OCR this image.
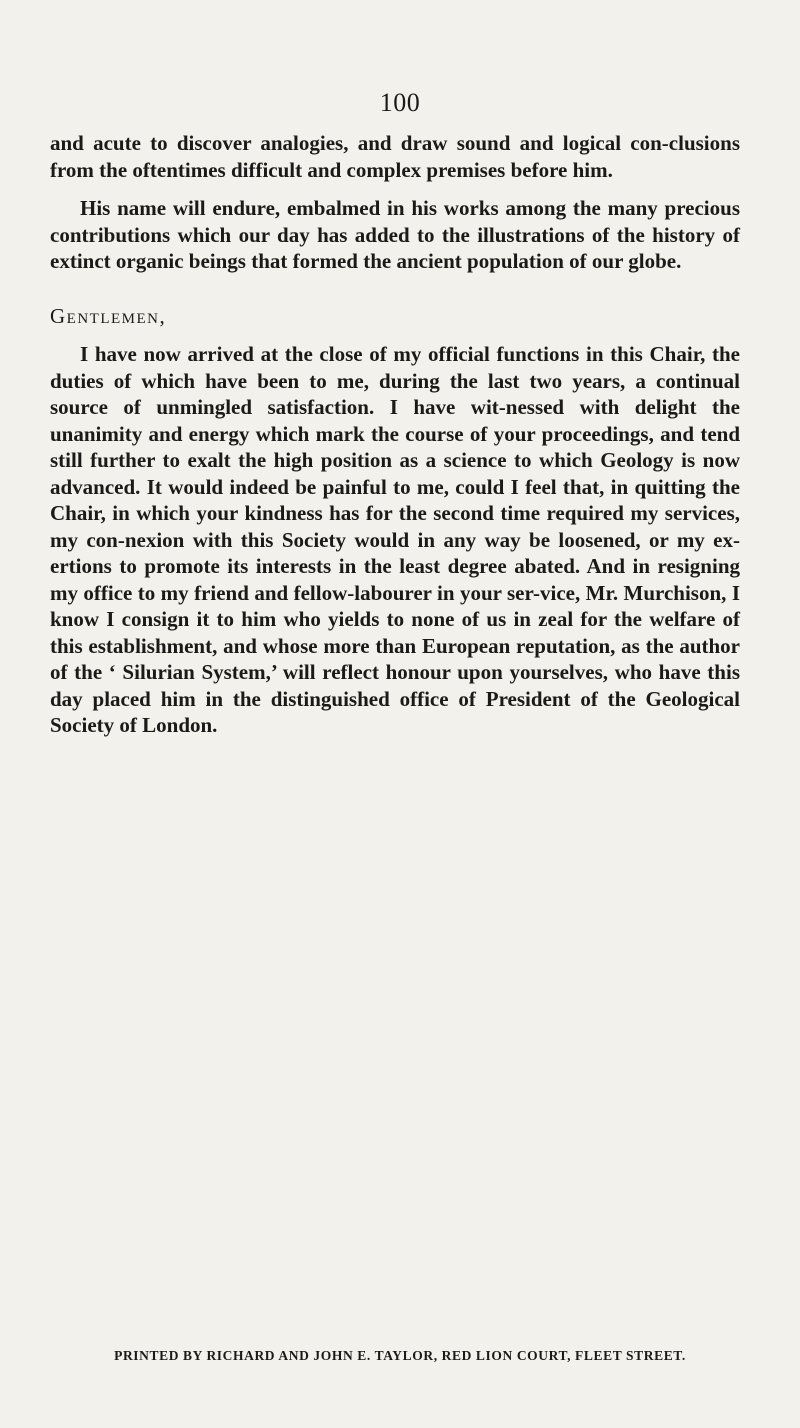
100

and acute to discover analogies, and draw sound and logical con-clusions from the oftentimes difficult and complex premises before him.

His name will endure, embalmed in his works among the many precious contributions which our day has added to the illustrations of the history of extinct organic beings that formed the ancient population of our globe.

Gentlemen,

I have now arrived at the close of my official functions in this Chair, the duties of which have been to me, during the last two years, a continual source of unmingled satisfaction. I have wit-nessed with delight the unanimity and energy which mark the course of your proceedings, and tend still further to exalt the high position as a science to which Geology is now advanced. It would indeed be painful to me, could I feel that, in quitting the Chair, in which your kindness has for the second time required my services, my con-nexion with this Society would in any way be loosened, or my ex-ertions to promote its interests in the least degree abated. And in resigning my office to my friend and fellow-labourer in your ser-vice, Mr. Murchison, I know I consign it to him who yields to none of us in zeal for the welfare of this establishment, and whose more than European reputation, as the author of the ‘ Silurian System,’ will reflect honour upon yourselves, who have this day placed him in the distinguished office of President of the Geological Society of London.

PRINTED BY RICHARD AND JOHN E. TAYLOR, RED LION COURT, FLEET STREET.
